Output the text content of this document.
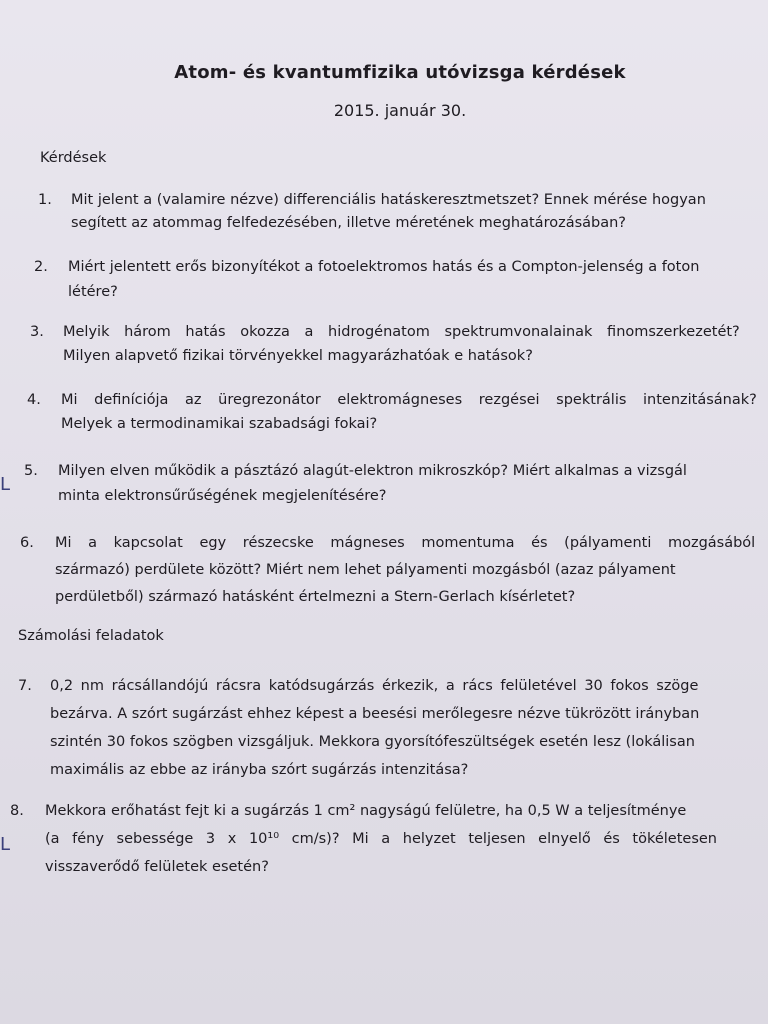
Atom- és kvantumfizika utóvizsga kérdések
2015. január 30.
Kérdések
1. Mit jelent a (valamire nézve) differenciális hatáskeresztmetszet? Ennek mérése hogyan
segített az atommag felfedezésében, illetve méretének meghatározásában?
2. Miért jelentett erős bizonyítékot a fotoelektromos hatás és a Compton-jelenség a foton
létére?
3. Melyik három hatás okozza a hidrogénatom spektrumvonalainak finomszerkezetét?
Milyen alapvető fizikai törvényekkel magyarázhatóak e hatások?
4. Mi definíciója az üregrezonátor elektromágneses rezgései spektrális intenzitásának?
Melyek a termodinamikai szabadsági fokai?
5. Milyen elven működik a pásztázó alagút-elektron mikroszkóp? Miért alkalmas a vizsgál
minta elektronsűrűségének megjelenítésére?
6. Mi a kapcsolat egy részecske mágneses momentuma és (pályamenti mozgásából
származó) perdülete között? Miért nem lehet pályamenti mozgásból (azaz pályament
perdületből) származó hatásként értelmezni a Stern-Gerlach kísérletet?
Számolási feladatok
7. 0,2 nm rácsállandójú rácsra katódsugárzás érkezik, a rács felületével 30 fokos szöge
bezárva. A szórt sugárzást ehhez képest a beesési merőlegesre nézve tükrözött irányban
szintén 30 fokos szögben vizsgáljuk. Mekkora gyorsítófeszültségek esetén lesz (lokálisan
maximális az ebbe az irányba szórt sugárzás intenzitása?
8. Mekkora erőhatást fejt ki a sugárzás 1 cm² nagyságú felületre, ha 0,5 W a teljesítménye
(a fény sebessége 3 x 10¹⁰ cm/s)? Mi a helyzet teljesen elnyelő és tökéletesen
visszaverődő felületek esetén?
L
L
